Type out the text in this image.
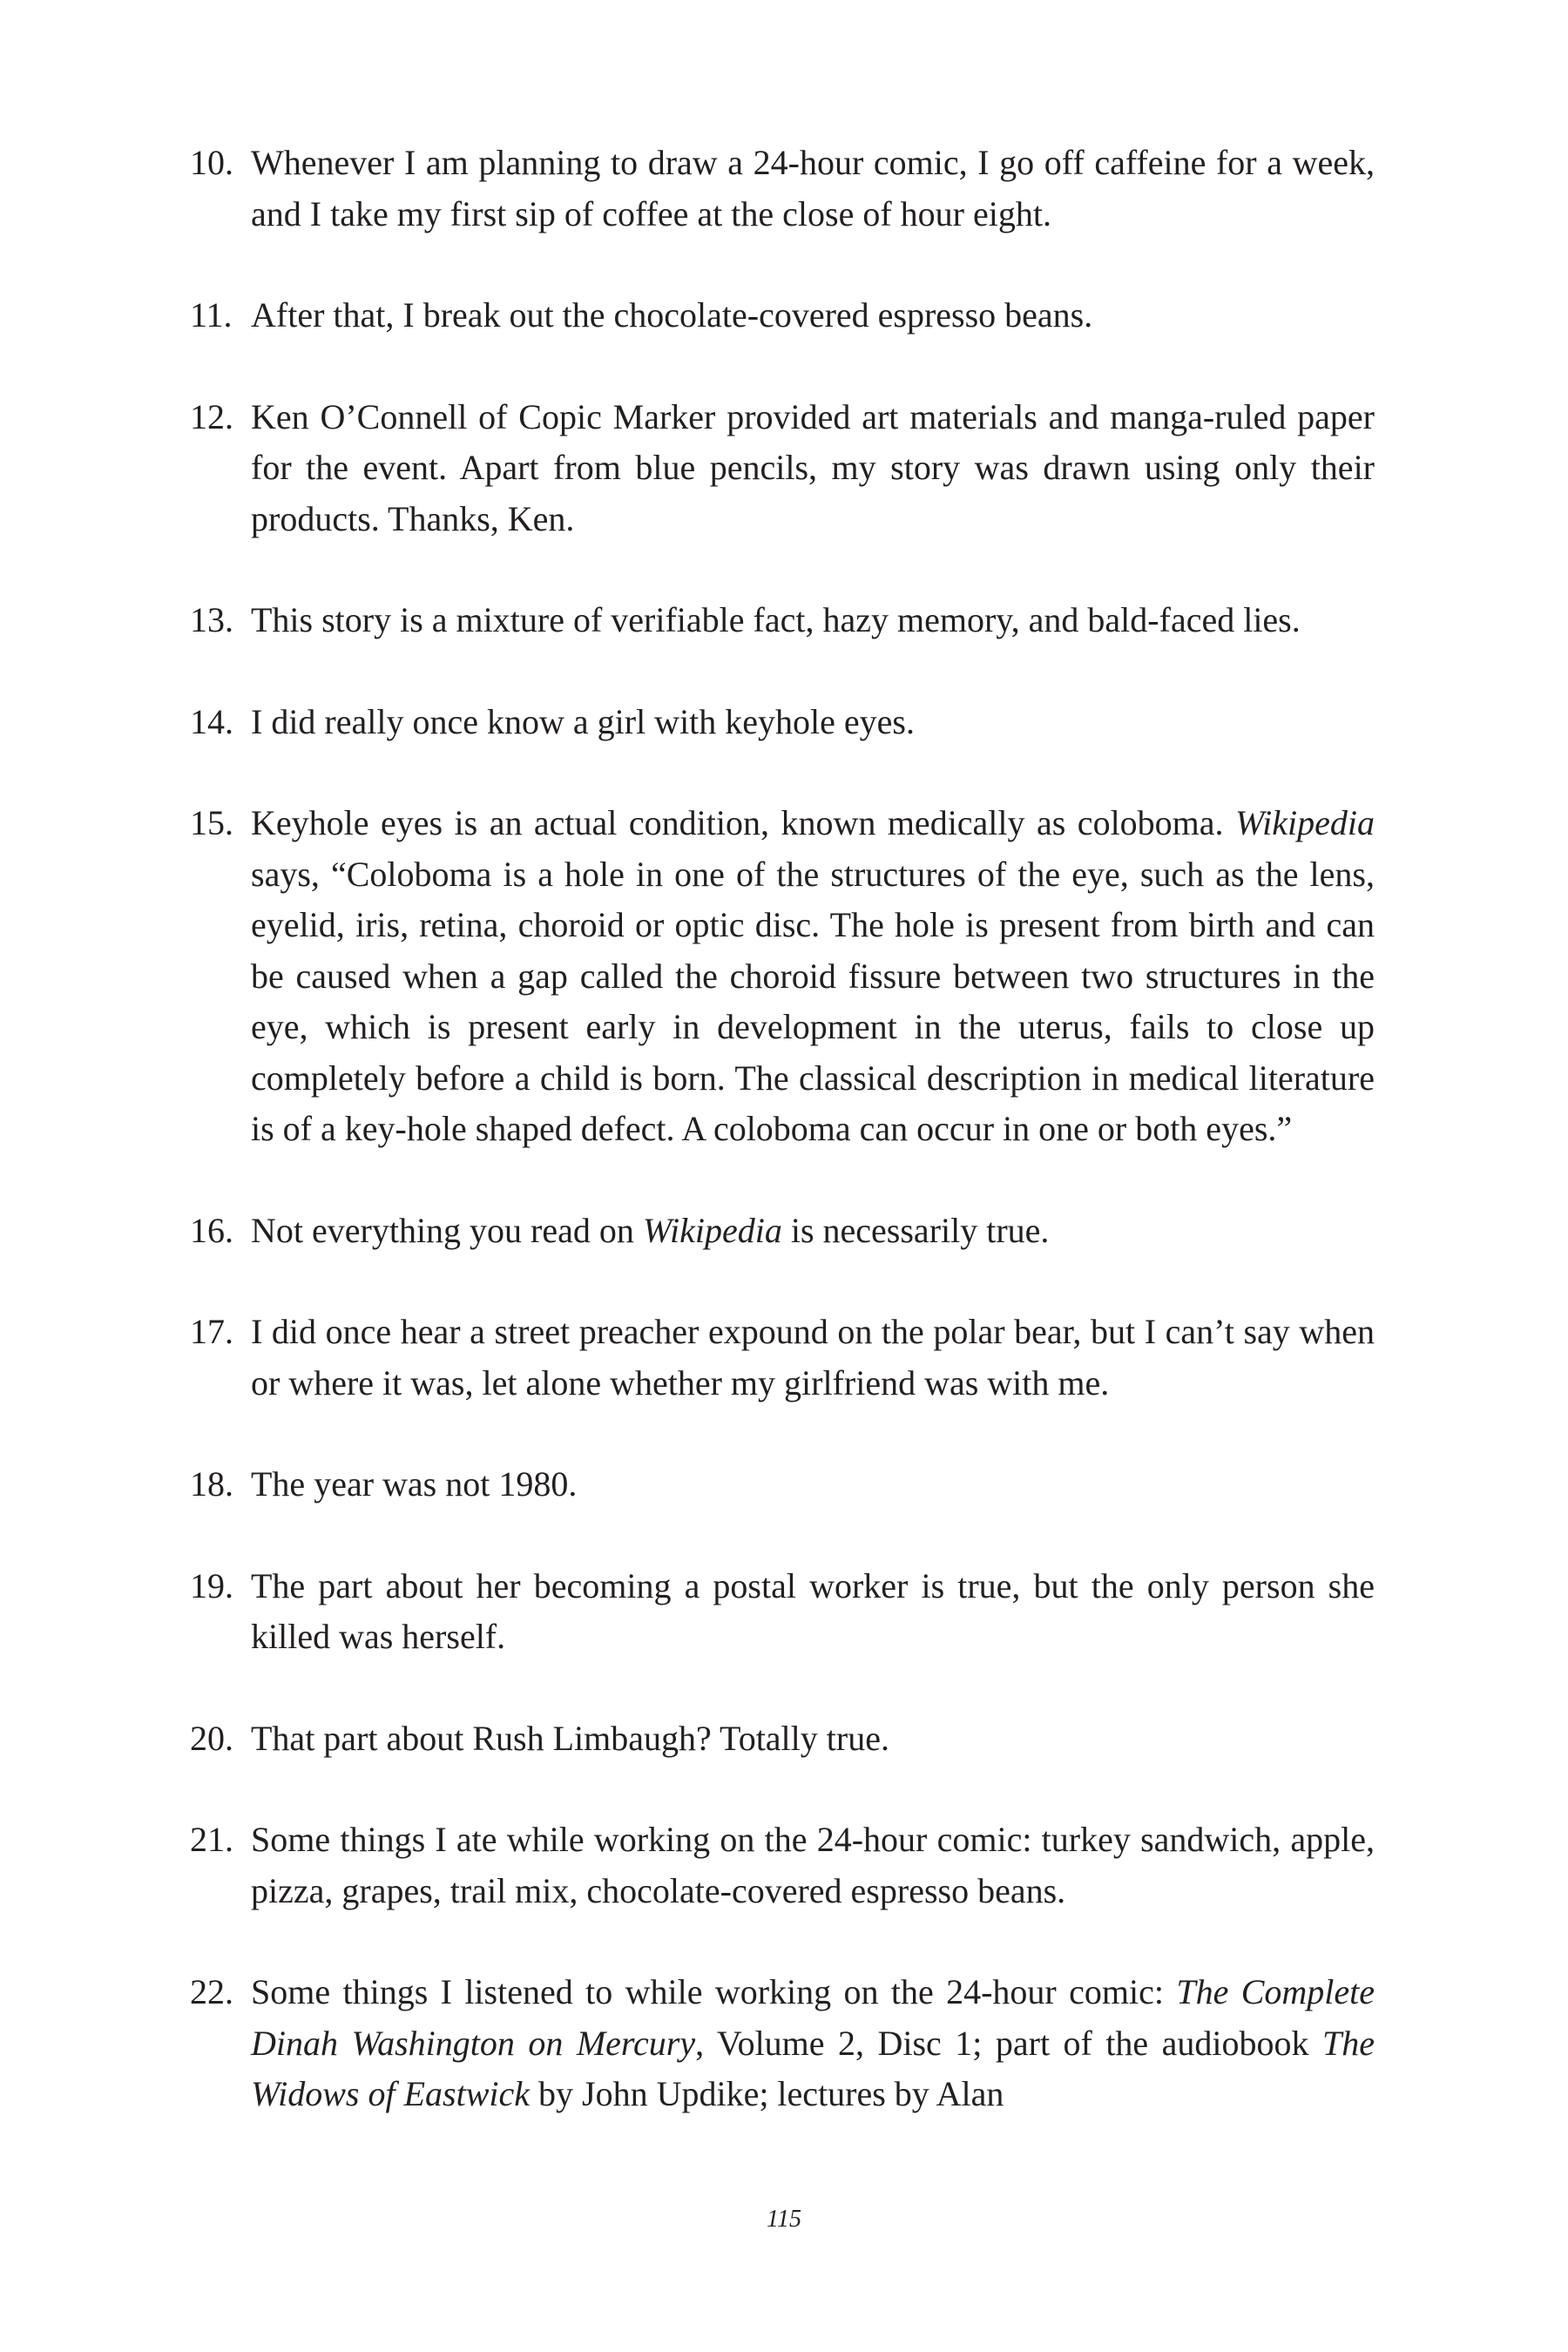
10. Whenever I am planning to draw a 24-hour comic, I go off caffeine for a week, and I take my first sip of coffee at the close of hour eight.
11. After that, I break out the chocolate-covered espresso beans.
12. Ken O’Connell of Copic Marker provided art materials and manga-ruled paper for the event. Apart from blue pencils, my story was drawn using only their products. Thanks, Ken.
13. This story is a mixture of verifiable fact, hazy memory, and bald-faced lies.
14. I did really once know a girl with keyhole eyes.
15. Keyhole eyes is an actual condition, known medically as coloboma. Wikipedia says, “Coloboma is a hole in one of the structures of the eye, such as the lens, eyelid, iris, retina, choroid or optic disc. The hole is present from birth and can be caused when a gap called the choroid fissure between two structures in the eye, which is present early in development in the uterus, fails to close up completely before a child is born. The classical description in medical literature is of a key-hole shaped defect. A coloboma can occur in one or both eyes.”
16. Not everything you read on Wikipedia is necessarily true.
17. I did once hear a street preacher expound on the polar bear, but I can’t say when or where it was, let alone whether my girlfriend was with me.
18. The year was not 1980.
19. The part about her becoming a postal worker is true, but the only person she killed was herself.
20. That part about Rush Limbaugh? Totally true.
21. Some things I ate while working on the 24-hour comic: turkey sandwich, apple, pizza, grapes, trail mix, chocolate-covered espresso beans.
22. Some things I listened to while working on the 24-hour comic: The Complete Dinah Washington on Mercury, Volume 2, Disc 1; part of the audiobook The Widows of Eastwick by John Updike; lectures by Alan
115
